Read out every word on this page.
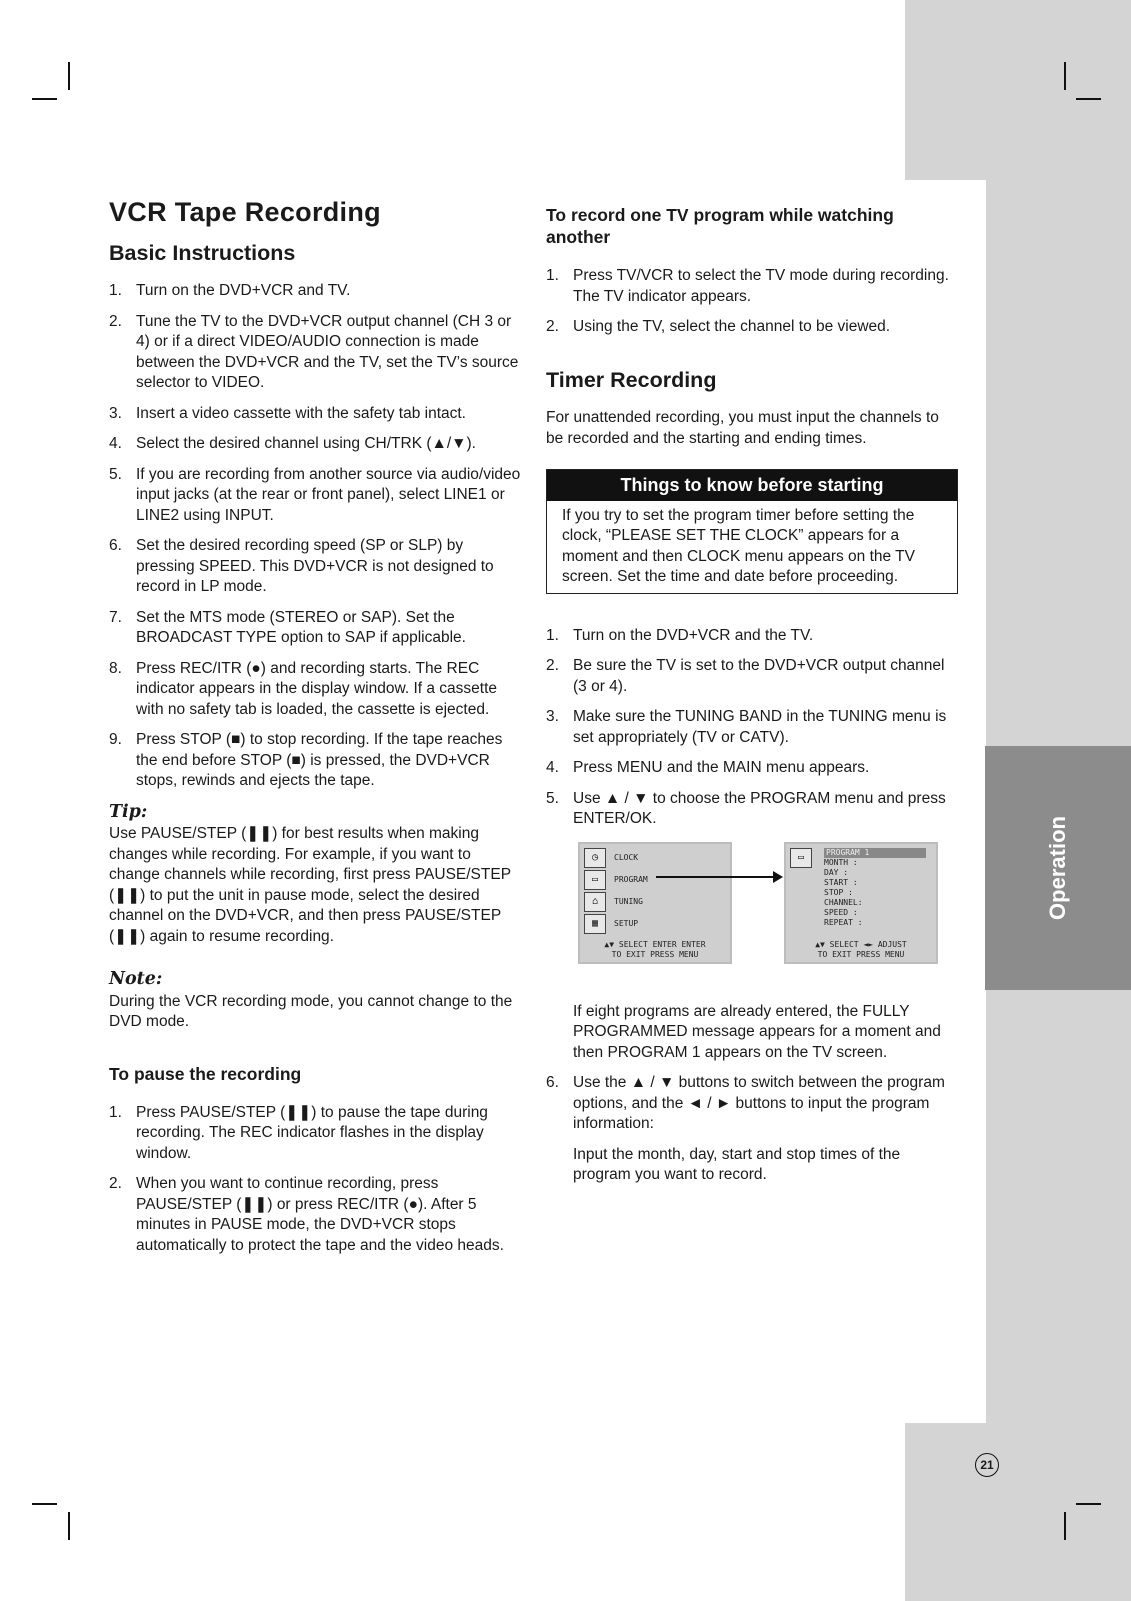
Operation
VCR Tape Recording
Basic Instructions
1. Turn on the DVD+VCR and TV.
2. Tune the TV to the DVD+VCR output channel (CH 3 or 4) or if a direct VIDEO/AUDIO connection is made between the DVD+VCR and the TV, set the TV’s source selector to VIDEO.
3. Insert a video cassette with the safety tab intact.
4. Select the desired channel using CH/TRK (▲/▼).
5. If you are recording from another source via audio/video input jacks (at the rear or front panel), select LINE1 or LINE2 using INPUT.
6. Set the desired recording speed (SP or SLP) by pressing SPEED. This DVD+VCR is not designed to record in LP mode.
7. Set the MTS mode (STEREO or SAP). Set the BROADCAST TYPE option to SAP if applicable.
8. Press REC/ITR (●) and recording starts. The REC indicator appears in the display window. If a cassette with no safety tab is loaded, the cassette is ejected.
9. Press STOP (■) to stop recording. If the tape reaches the end before STOP (■) is pressed, the DVD+VCR stops, rewinds and ejects the tape.
Tip:

Use PAUSE/STEP (❚❚) for best results when making changes while recording. For example, if you want to change channels while recording, first press PAUSE/STEP (❚❚) to put the unit in pause mode, select the desired channel on the DVD+VCR, and then press PAUSE/STEP (❚❚) again to resume recording.

Note:

During the VCR recording mode, you cannot change to the DVD mode.

To pause the recording
1. Press PAUSE/STEP (❚❚) to pause the tape during recording. The REC indicator flashes in the display window.
2. When you want to continue recording, press PAUSE/STEP (❚❚) or press REC/ITR (●). After 5 minutes in PAUSE mode, the DVD+VCR stops automatically to protect the tape and the video heads.
To record one TV program while watching another
1. Press TV/VCR to select the TV mode during recording. The TV indicator appears.
2. Using the TV, select the channel to be viewed.
Timer Recording

For unattended recording, you must input the channels to be recorded and the starting and ending times.

Things to know before starting
If you try to set the program timer before setting the clock, “PLEASE SET THE CLOCK” appears for a moment and then CLOCK menu appears on the TV screen. Set the time and date before proceeding.
1. Turn on the DVD+VCR and the TV.
2. Be sure the TV is set to the DVD+VCR output channel (3 or 4).
3. Make sure the TUNING BAND in the TUNING menu is set appropriately (TV or CATV).
4. Press MENU and the MAIN menu appears.
5. Use ▲ / ▼ to choose the PROGRAM menu and press ENTER/OK.
◷	CLOCK
▭	PROGRAM
⌂	TUNING
▦	SETUP
▲▼ SELECT ENTER ENTER
TO EXIT PRESS MENU
▭	PROGRAM 1
MONTH :
DAY :
START :
STOP :
CHANNEL:
SPEED :
REPEAT :
▲▼ SELECT ◄► ADJUST
TO EXIT PRESS MENU

If eight programs are already entered, the FULLY PROGRAMMED message appears for a moment and then PROGRAM 1 appears on the TV screen.

6. Use the ▲ / ▼ buttons to switch between the program options, and the ◄ / ► buttons to input the program information:

Input the month, day, start and stop times of the program you want to record.

21
